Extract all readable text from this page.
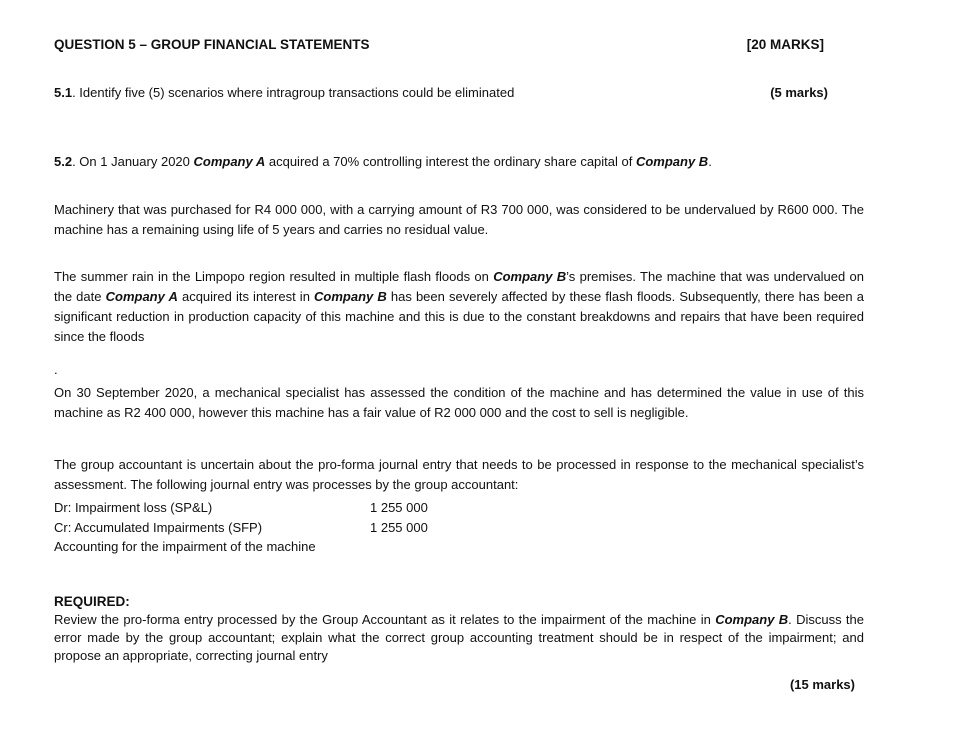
QUESTION 5 – GROUP FINANCIAL STATEMENTS	[20 MARKS]
5.1. Identify five (5) scenarios where intragroup transactions could be eliminated	(5 marks)

5.2. On 1 January 2020 Company A acquired a 70% controlling interest the ordinary share capital of Company B.

Machinery that was purchased for R4 000 000, with a carrying amount of R3 700 000, was considered to be undervalued by R600 000. The machine has a remaining using life of 5 years and carries no residual value.

The summer rain in the Limpopo region resulted in multiple flash floods on Company B’s premises. The machine that was undervalued on the date Company A acquired its interest in Company B has been severely affected by these flash floods. Subsequently, there has been a significant reduction in production capacity of this machine and this is due to the constant breakdowns and repairs that have been required since the floods

.

On 30 September 2020, a mechanical specialist has assessed the condition of the machine and has determined the value in use of this machine as R2 400 000, however this machine has a fair value of R2 000 000 and the cost to sell is negligible.

The group accountant is uncertain about the pro-forma journal entry that needs to be processed in response to the mechanical specialist’s assessment. The following journal entry was processes by the group accountant:

Dr: Impairment loss (SP&L)	1 255 000
Cr: Accumulated Impairments (SFP)	1 255 000
Accounting for the impairment of the machine
REQUIRED:
Review the pro-forma entry processed by the Group Accountant as it relates to the impairment of the machine in Company B. Discuss the error made by the group accountant; explain what the correct group accounting treatment should be in respect of the impairment; and propose an appropriate, correcting journal entry
(15 marks)
